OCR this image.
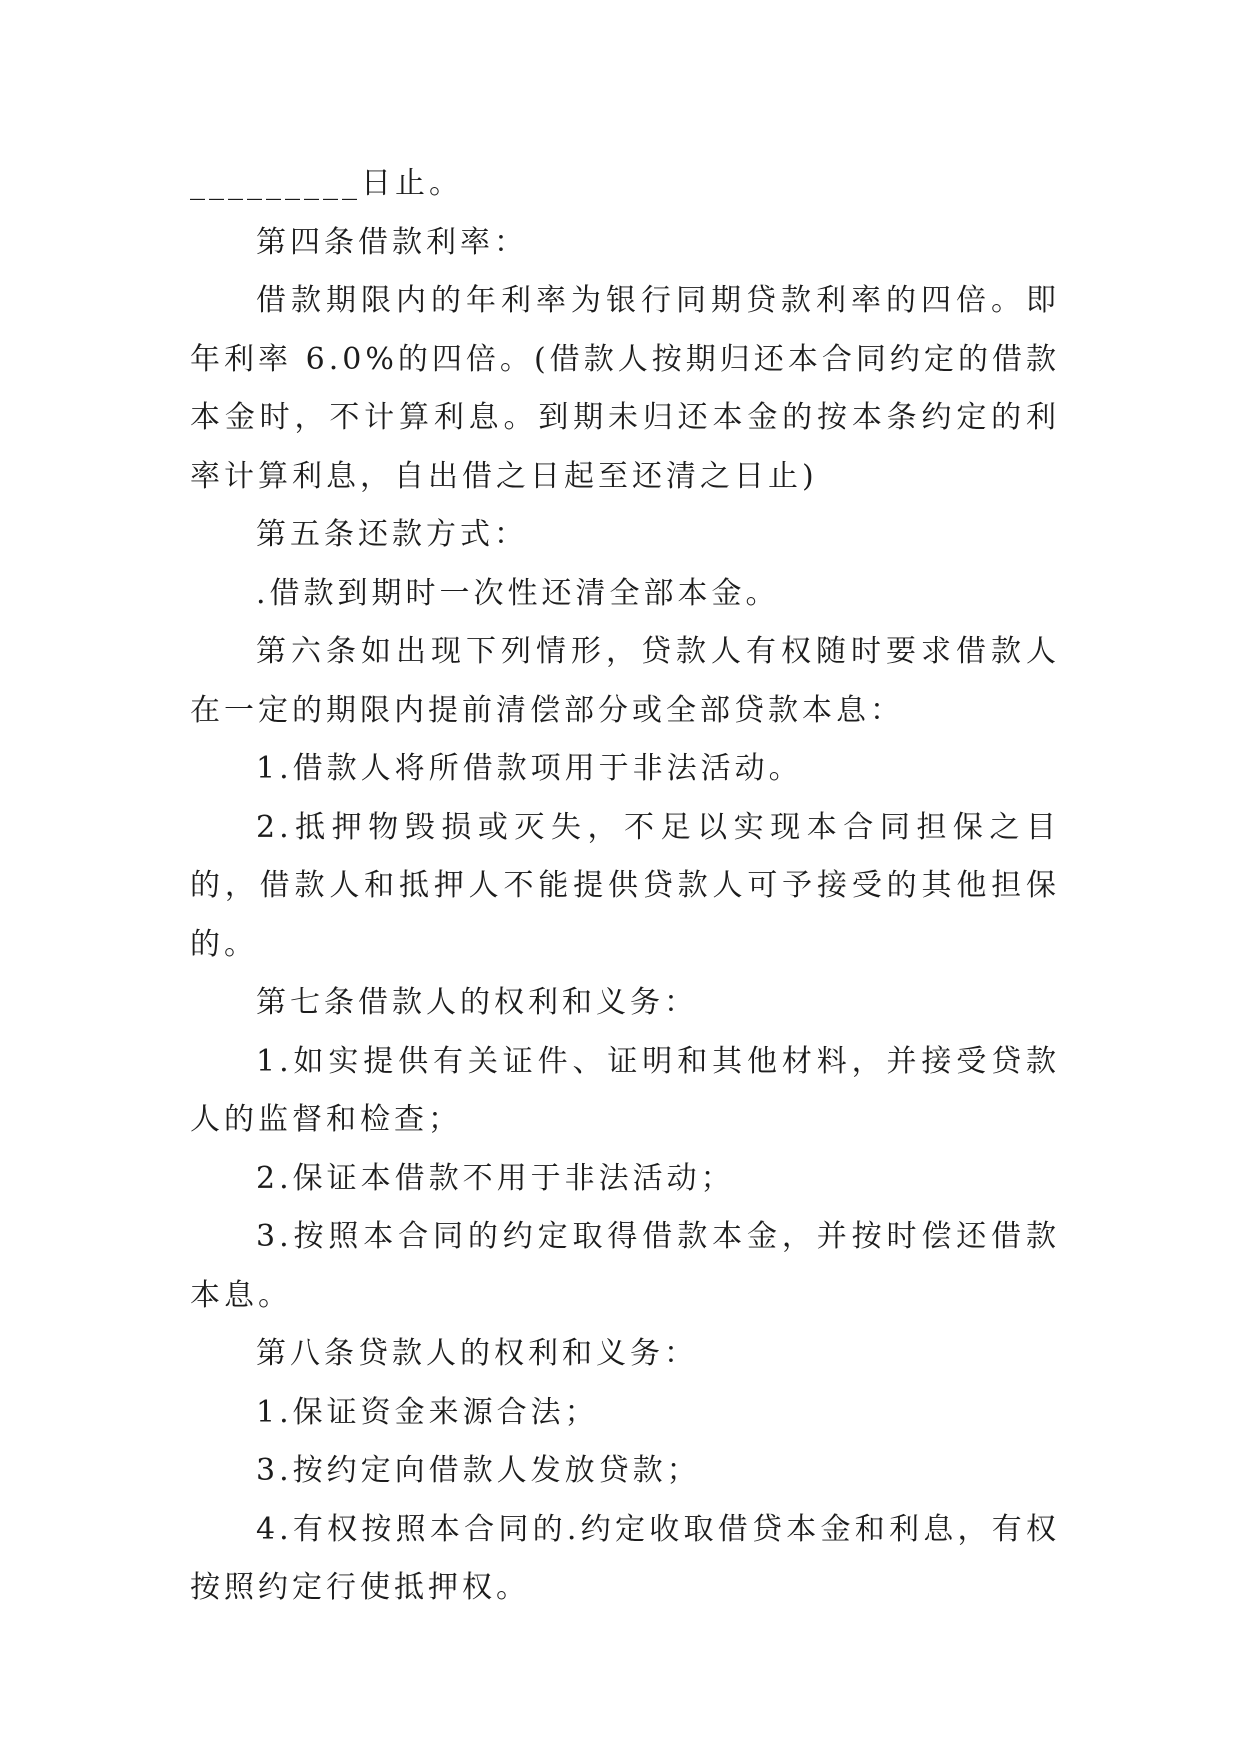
_________日止。

第四条借款利率：

借款期限内的年利率为银行同期贷款利率的四倍。即年利率 6.0%的四倍。(借款人按期归还本合同约定的借款本金时，不计算利息。到期未归还本金的按本条约定的利率计算利息，自出借之日起至还清之日止)

第五条还款方式：

.借款到期时一次性还清全部本金。

第六条如出现下列情形，贷款人有权随时要求借款人在一定的期限内提前清偿部分或全部贷款本息：

1.借款人将所借款项用于非法活动。

2.抵押物毁损或灭失，不足以实现本合同担保之目的，借款人和抵押人不能提供贷款人可予接受的其他担保的。

第七条借款人的权利和义务：

1.如实提供有关证件、证明和其他材料，并接受贷款人的监督和检查；

2.保证本借款不用于非法活动；

3.按照本合同的约定取得借款本金，并按时偿还借款本息。

第八条贷款人的权利和义务：

1.保证资金来源合法；

3.按约定向借款人发放贷款；

4.有权按照本合同的.约定收取借贷本金和利息，有权按照约定行使抵押权。
